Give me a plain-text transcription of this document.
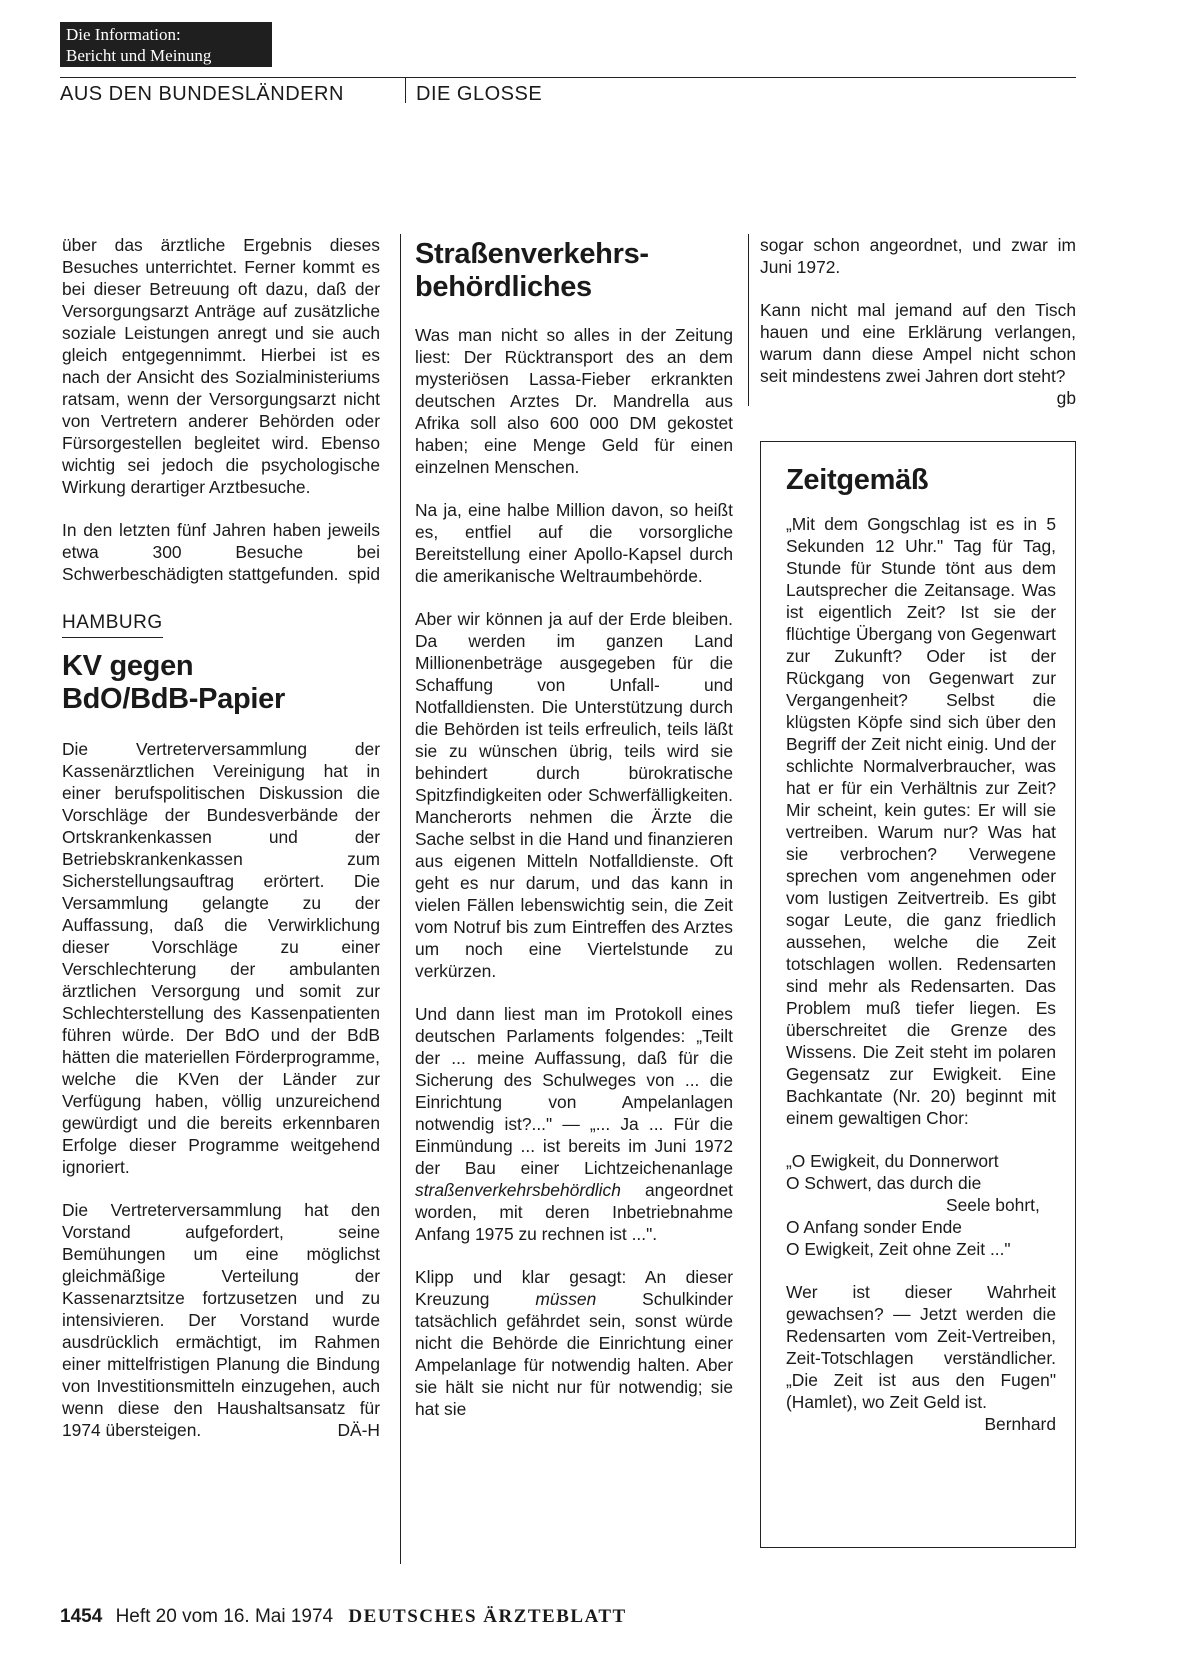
Die Information:
Bericht und Meinung
AUS DEN BUNDESLÄNDERN	DIE GLOSSE

über das ärztliche Ergebnis dieses Besuches unterrichtet. Ferner kommt es bei dieser Betreuung oft dazu, daß der Versorgungsarzt Anträge auf zusätzliche soziale Leistungen anregt und sie auch gleich entgegennimmt. Hierbei ist es nach der Ansicht des Sozialministeriums ratsam, wenn der Versorgungsarzt nicht von Vertretern anderer Behörden oder Fürsorgestellen begleitet wird. Ebenso wichtig sei jedoch die psychologische Wirkung derartiger Arztbesuche.

In den letzten fünf Jahren haben jeweils etwa 300 Besuche bei Schwerbeschädigten stattgefunden. spid

HAMBURG
KV gegen
BdO/BdB-Papier

Die Vertreterversammlung der Kassenärztlichen Vereinigung hat in einer berufspolitischen Diskussion die Vorschläge der Bundesverbände der Ortskrankenkassen und der Betriebskrankenkassen zum Sicherstellungsauftrag erörtert. Die Versammlung gelangte zu der Auffassung, daß die Verwirklichung dieser Vorschläge zu einer Verschlechterung der ambulanten ärztlichen Versorgung und somit zur Schlechterstellung des Kassenpatienten führen würde. Der BdO und der BdB hätten die materiellen Förderprogramme, welche die KVen der Länder zur Verfügung haben, völlig unzureichend gewürdigt und die bereits erkennbaren Erfolge dieser Programme weitgehend ignoriert.

Die Vertreterversammlung hat den Vorstand aufgefordert, seine Bemühungen um eine möglichst gleichmäßige Verteilung der Kassenarztsitze fortzusetzen und zu intensivieren. Der Vorstand wurde ausdrücklich ermächtigt, im Rahmen einer mittelfristigen Planung die Bindung von Investitionsmitteln einzugehen, auch wenn diese den Haushaltsansatz für 1974 übersteigen.	DÄ-H

Straßenverkehrs-
behördliches

Was man nicht so alles in der Zeitung liest: Der Rücktransport des an dem mysteriösen Lassa-Fieber erkrankten deutschen Arztes Dr. Mandrella aus Afrika soll also 600 000 DM gekostet haben; eine Menge Geld für einen einzelnen Menschen.

Na ja, eine halbe Million davon, so heißt es, entfiel auf die vorsorgliche Bereitstellung einer Apollo-Kapsel durch die amerikanische Weltraumbehörde.

Aber wir können ja auf der Erde bleiben. Da werden im ganzen Land Millionenbeträge ausgegeben für die Schaffung von Unfall- und Notfalldiensten. Die Unterstützung durch die Behörden ist teils erfreulich, teils läßt sie zu wünschen übrig, teils wird sie behindert durch bürokratische Spitzfindigkeiten oder Schwerfälligkeiten. Mancherorts nehmen die Ärzte die Sache selbst in die Hand und finanzieren aus eigenen Mitteln Notfalldienste. Oft geht es nur darum, und das kann in vielen Fällen lebenswichtig sein, die Zeit vom Notruf bis zum Eintreffen des Arztes um noch eine Viertelstunde zu verkürzen.

Und dann liest man im Protokoll eines deutschen Parlaments folgendes: „Teilt der ... meine Auffassung, daß für die Sicherung des Schulweges von ... die Einrichtung von Ampelanlagen notwendig ist?..." — „... Ja ... Für die Einmündung ... ist bereits im Juni 1972 der Bau einer Lichtzeichenanlage straßenverkehrsbehördlich angeordnet worden, mit deren Inbetriebnahme Anfang 1975 zu rechnen ist ...".

Klipp und klar gesagt: An dieser Kreuzung müssen Schulkinder tatsächlich gefährdet sein, sonst würde nicht die Behörde die Einrichtung einer Ampelanlage für notwendig halten. Aber sie hält sie nicht nur für notwendig; sie hat sie

sogar schon angeordnet, und zwar im Juni 1972.

Kann nicht mal jemand auf den Tisch hauen und eine Erklärung verlangen, warum dann diese Ampel nicht schon seit mindestens zwei Jahren dort steht?
gb

Zeitgemäß

„Mit dem Gongschlag ist es in 5 Sekunden 12 Uhr." Tag für Tag, Stunde für Stunde tönt aus dem Lautsprecher die Zeitansage. Was ist eigentlich Zeit? Ist sie der flüchtige Übergang von Gegenwart zur Zukunft? Oder ist der Rückgang von Gegenwart zur Vergangenheit? Selbst die klügsten Köpfe sind sich über den Begriff der Zeit nicht einig. Und der schlichte Normalverbraucher, was hat er für ein Verhältnis zur Zeit? Mir scheint, kein gutes: Er will sie vertreiben. Warum nur? Was hat sie verbrochen? Verwegene sprechen vom angenehmen oder vom lustigen Zeitvertreib. Es gibt sogar Leute, die ganz friedlich aussehen, welche die Zeit totschlagen wollen. Redensarten sind mehr als Redensarten. Das Problem muß tiefer liegen. Es überschreitet die Grenze des Wissens. Die Zeit steht im polaren Gegensatz zur Ewigkeit. Eine Bachkantate (Nr. 20) beginnt mit einem gewaltigen Chor:

„O Ewigkeit, du Donnerwort
O Schwert, das durch die
Seele bohrt,
O Anfang sonder Ende
O Ewigkeit, Zeit ohne Zeit ..."

Wer ist dieser Wahrheit gewachsen? — Jetzt werden die Redensarten vom Zeit-Vertreiben, Zeit-Totschlagen verständlicher. „Die Zeit ist aus den Fugen" (Hamlet), wo Zeit Geld ist.
Bernhard

1454 Heft 20 vom 16. Mai 1974 DEUTSCHES ÄRZTEBLATT
